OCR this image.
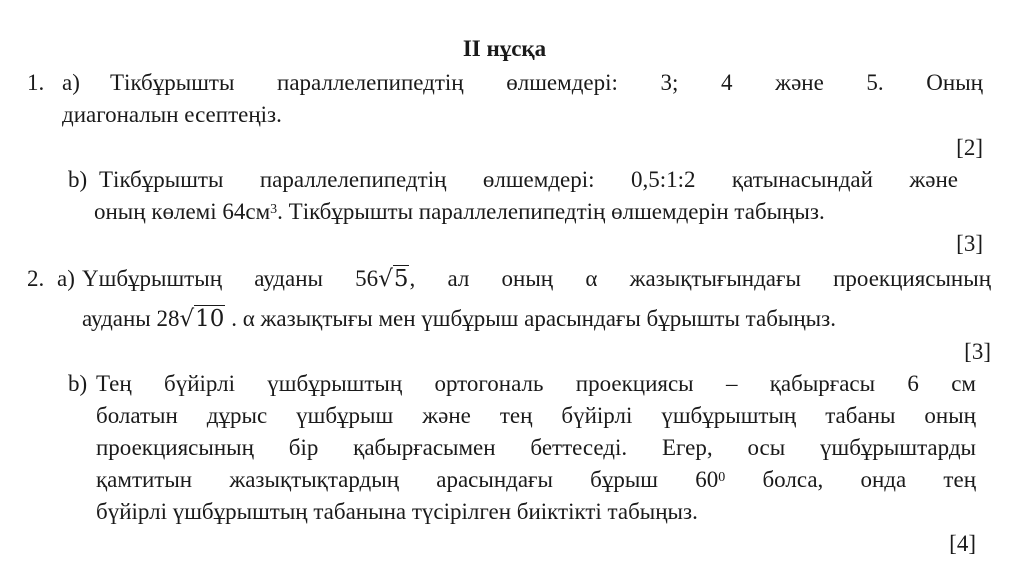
II нұсқа
1. a) Тікбұрышты параллелепипедтің өлшемдері: 3; 4 және 5. Оның
диагоналын есептеңіз.
[2]
b) Тікбұрышты параллелепипедтің өлшемдері: 0,5:1:2 қатынасындай және
оның көлемі $64см^3$. Тікбұрышты параллелепипедтің өлшемдерін табыңыз.
[3]
2. a) Үшбұрыштың ауданы 56√5, ал оның α жазықтығындағы проекциясының
ауданы 28√10 . α жазықтығы мен үшбұрыш арасындағы бұрышты табыңыз.
[3]
b) Тең бүйірлі үшбұрыштың ортогональ проекциясы – қабырғасы 6 см
болатын дұрыс үшбұрыш және тең бүйірлі үшбұрыштың табаны оның
проекциясының бір қабырғасымен беттеседі. Егер, осы үшбұрыштарды
қамтитын жазықтықтардың арасындағы бұрыш $60^0$ болса, онда тең
бүйірлі үшбұрыштың табанына түсірілген биіктікті табыңыз.
[4]
